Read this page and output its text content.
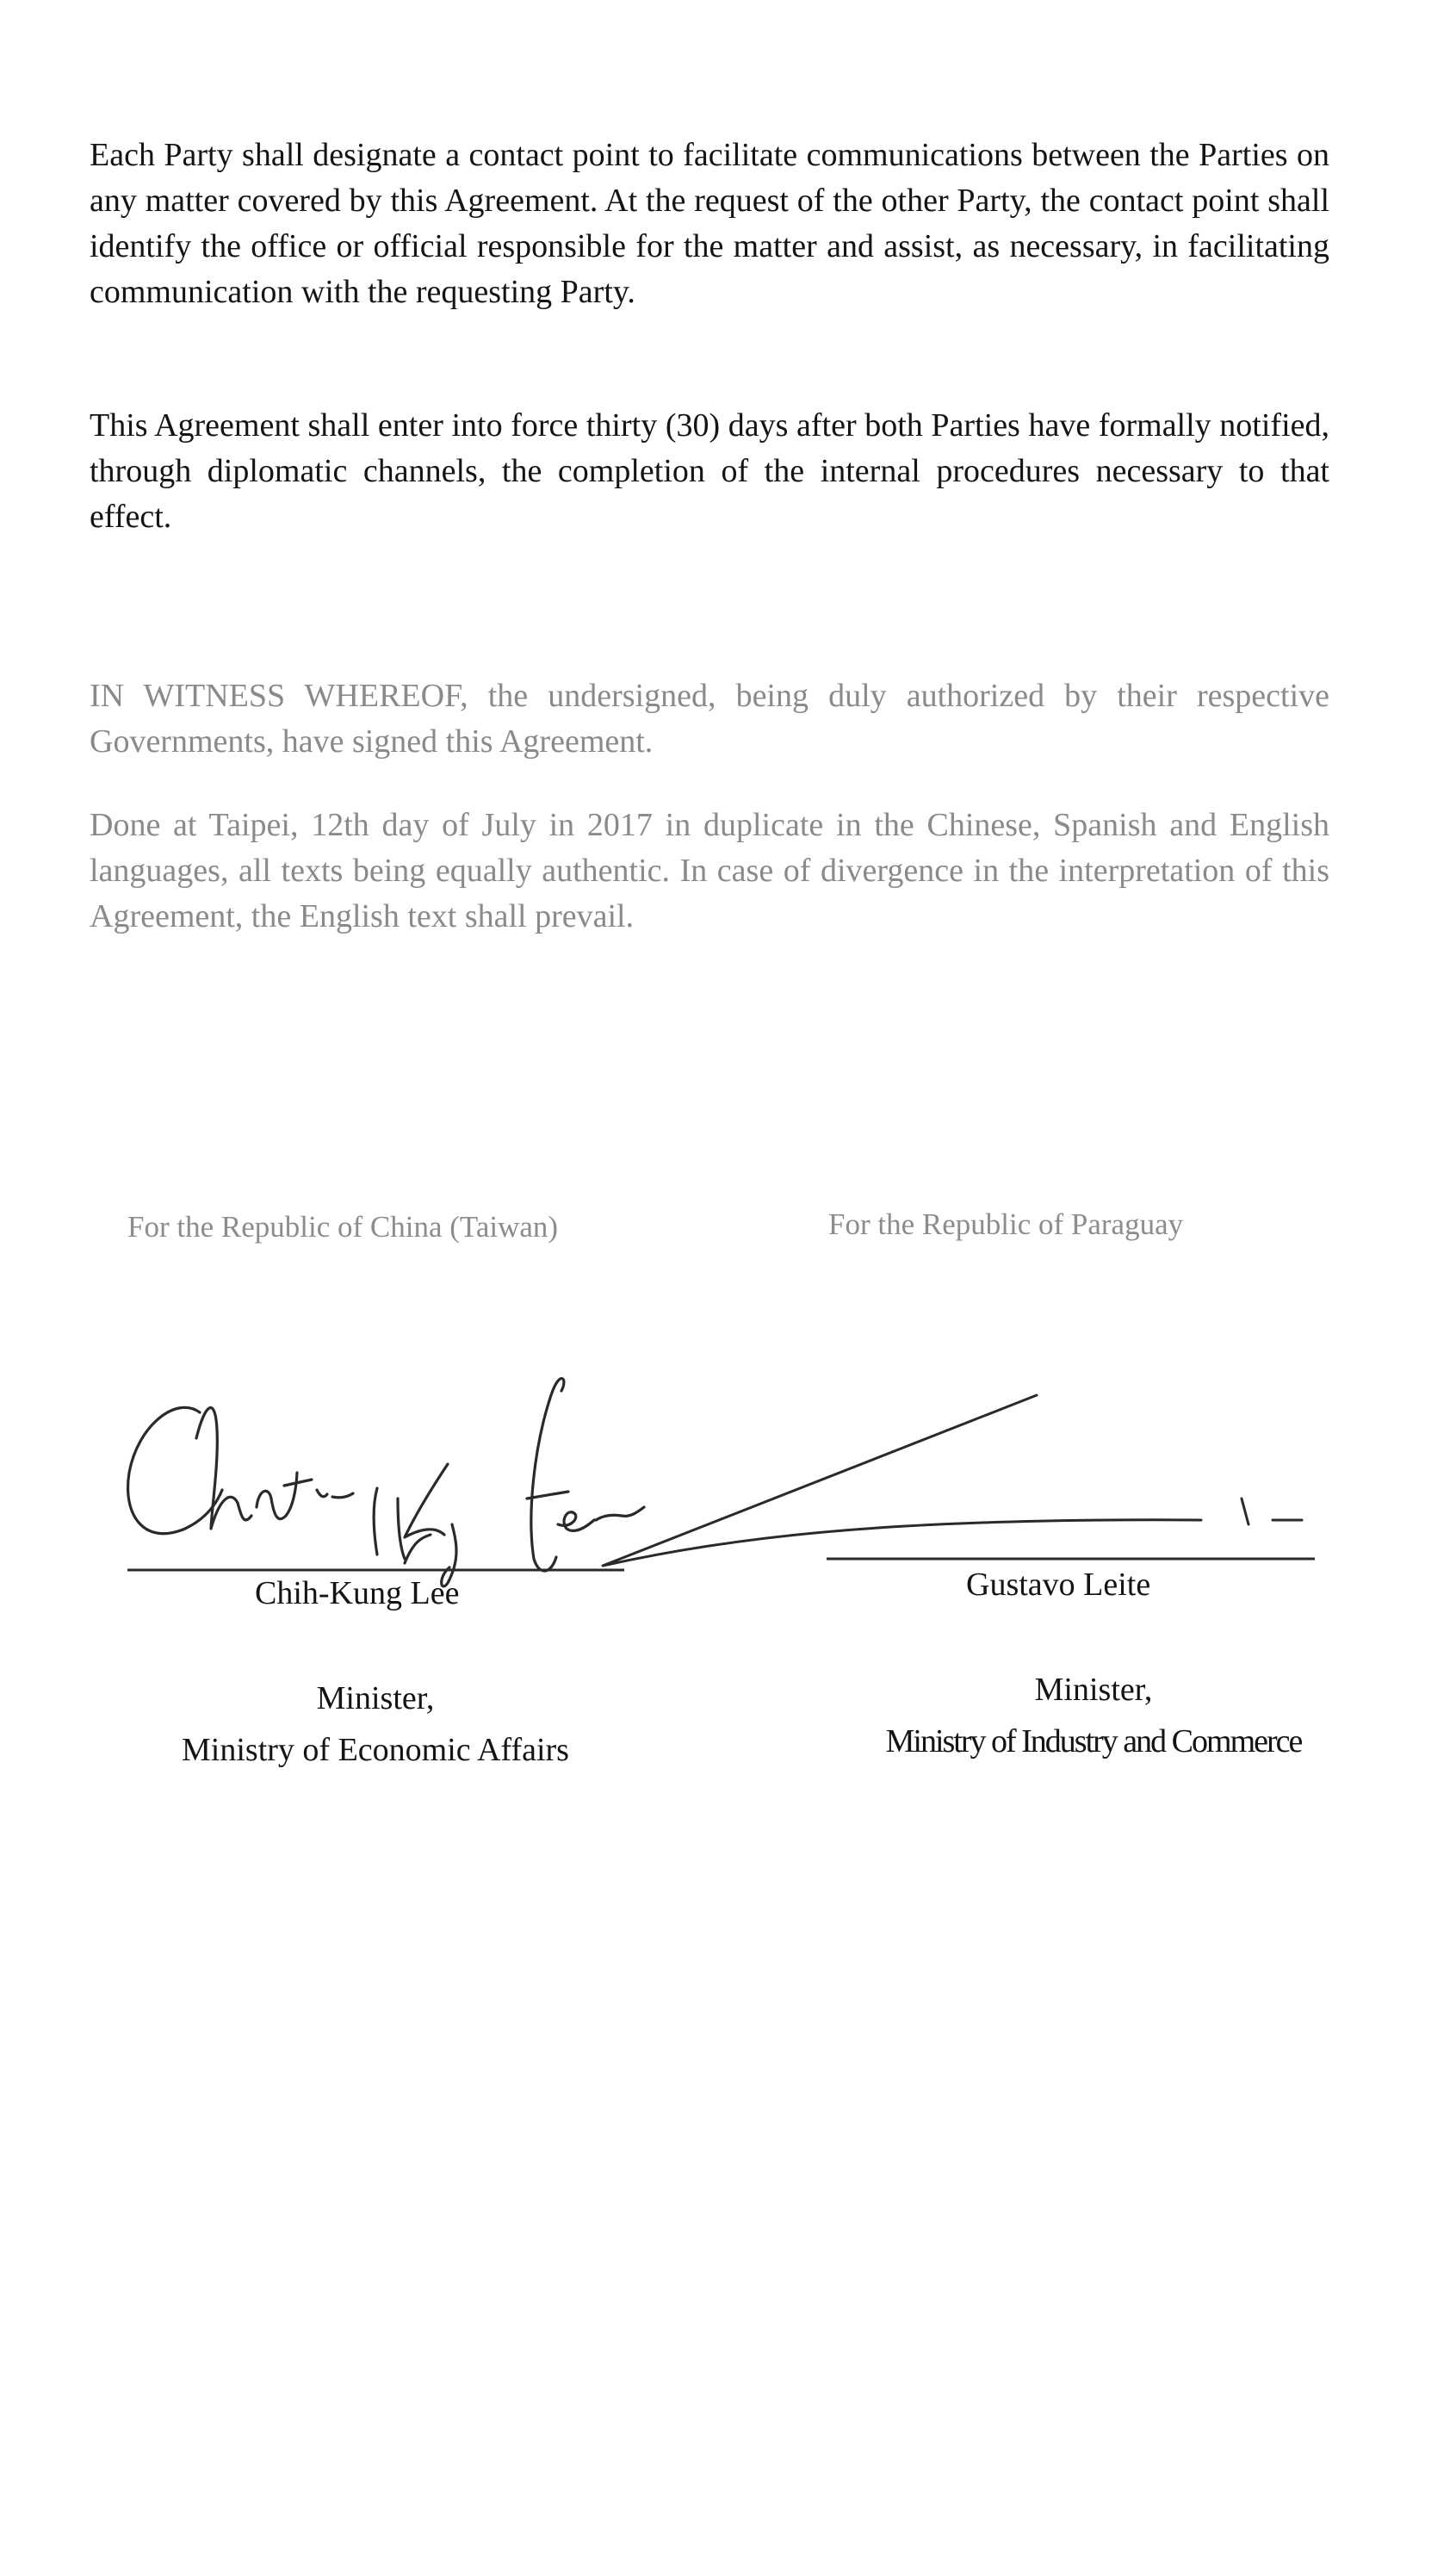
Each Party shall designate a contact point to facilitate communications between the Parties on any matter covered by this Agreement. At the request of the other Party, the contact point shall identify the office or official responsible for the matter and assist, as necessary, in facilitating communication with the requesting Party.

This Agreement shall enter into force thirty (30) days after both Parties have formally notified, through diplomatic channels, the completion of the internal procedures necessary to that effect.

IN WITNESS WHEREOF, the undersigned, being duly authorized by their respective Governments, have signed this Agreement.

Done at Taipei, 12th day of July in 2017 in duplicate in the Chinese, Spanish and English languages, all texts being equally authentic. In case of divergence in the interpretation of this Agreement, the English text shall prevail.

For the Republic of China (Taiwan)	For the Republic of Paraguay

Chih-Kung Lee	Gustavo Leite

Minister,
Ministry of Economic Affairs
Minister,
Ministry of Industry and Commerce
